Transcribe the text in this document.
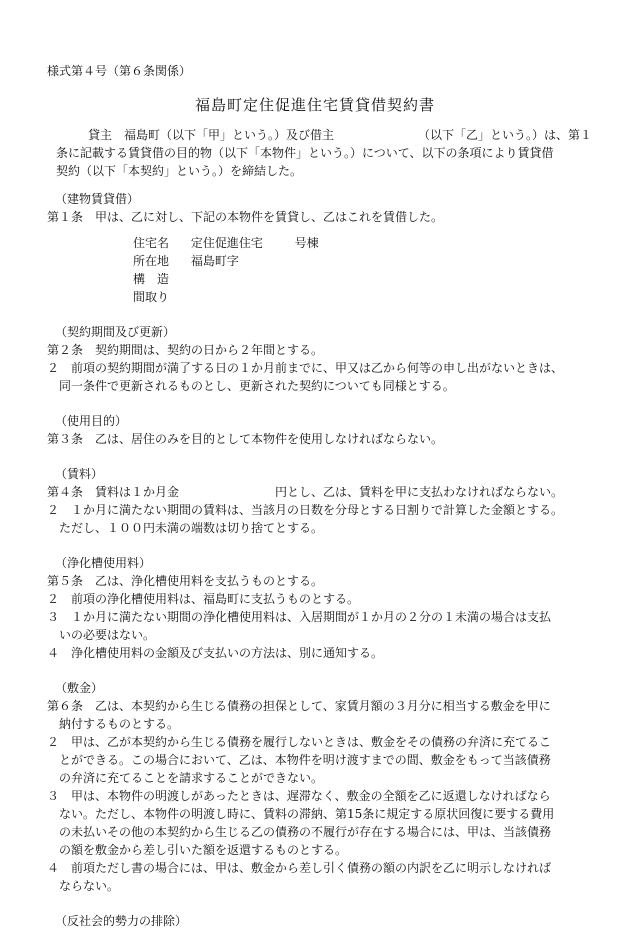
様式第４号（第６条関係）
福島町定住促進住宅賃貸借契約書
貸主　福島町（以下「甲」という。）及び借主	（以下「乙」という。）は、第１
条に記載する賃貸借の目的物（以下「本物件」という。）について、以下の条項により賃貸借
契約（以下「本契約」という。）を締結した。
（建物賃貸借）
第１条　甲は、乙に対し、下記の本物件を賃貸し、乙はこれを賃借した。
住宅名 定住促進住宅	号棟
所在地 福島町字
構　造
間取り
（契約期間及び更新）
第２条　契約期間は、契約の日から２年間とする。
２　前項の契約期間が満了する日の１か月前までに、甲又は乙から何等の申し出がないときは、
同一条件で更新されるものとし、更新された契約についても同様とする。
（使用目的）
第３条　乙は、居住のみを目的として本物件を使用しなければならない。
（賃料）
第４条　賃料は１か月金	円とし、乙は、賃料を甲に支払わなければならない。
２　１か月に満たない期間の賃料は、当該月の日数を分母とする日割りで計算した金額とする。
ただし、１００円未満の端数は切り捨てとする。
（浄化槽使用料）
第５条　乙は、浄化槽使用料を支払うものとする。
２　前項の浄化槽使用料は、福島町に支払うものとする。
３　１か月に満たない期間の浄化槽使用料は、入居期間が１か月の２分の１未満の場合は支払
いの必要はない。
４　浄化槽使用料の金額及び支払いの方法は、別に通知する。
（敷金）
第６条　乙は、本契約から生じる債務の担保として、家賃月額の３月分に相当する敷金を甲に
納付するものとする。
２　甲は、乙が本契約から生じる債務を履行しないときは、敷金をその債務の弁済に充てるこ
とができる。この場合において、乙は、本物件を明け渡すまでの間、敷金をもって当該債務
の弁済に充てることを請求することができない。
３　甲は、本物件の明渡しがあったときは、遅滞なく、敷金の全額を乙に返還しなければなら
ない。ただし、本物件の明渡し時に、賃料の滞納、第15条に規定する原状回復に要する費用
の未払いその他の本契約から生じる乙の債務の不履行が存在する場合には、甲は、当該債務
の額を敷金から差し引いた額を返還するものとする。
４　前項ただし書の場合には、甲は、敷金から差し引く債務の額の内訳を乙に明示しなければ
ならない。
（反社会的勢力の排除）
